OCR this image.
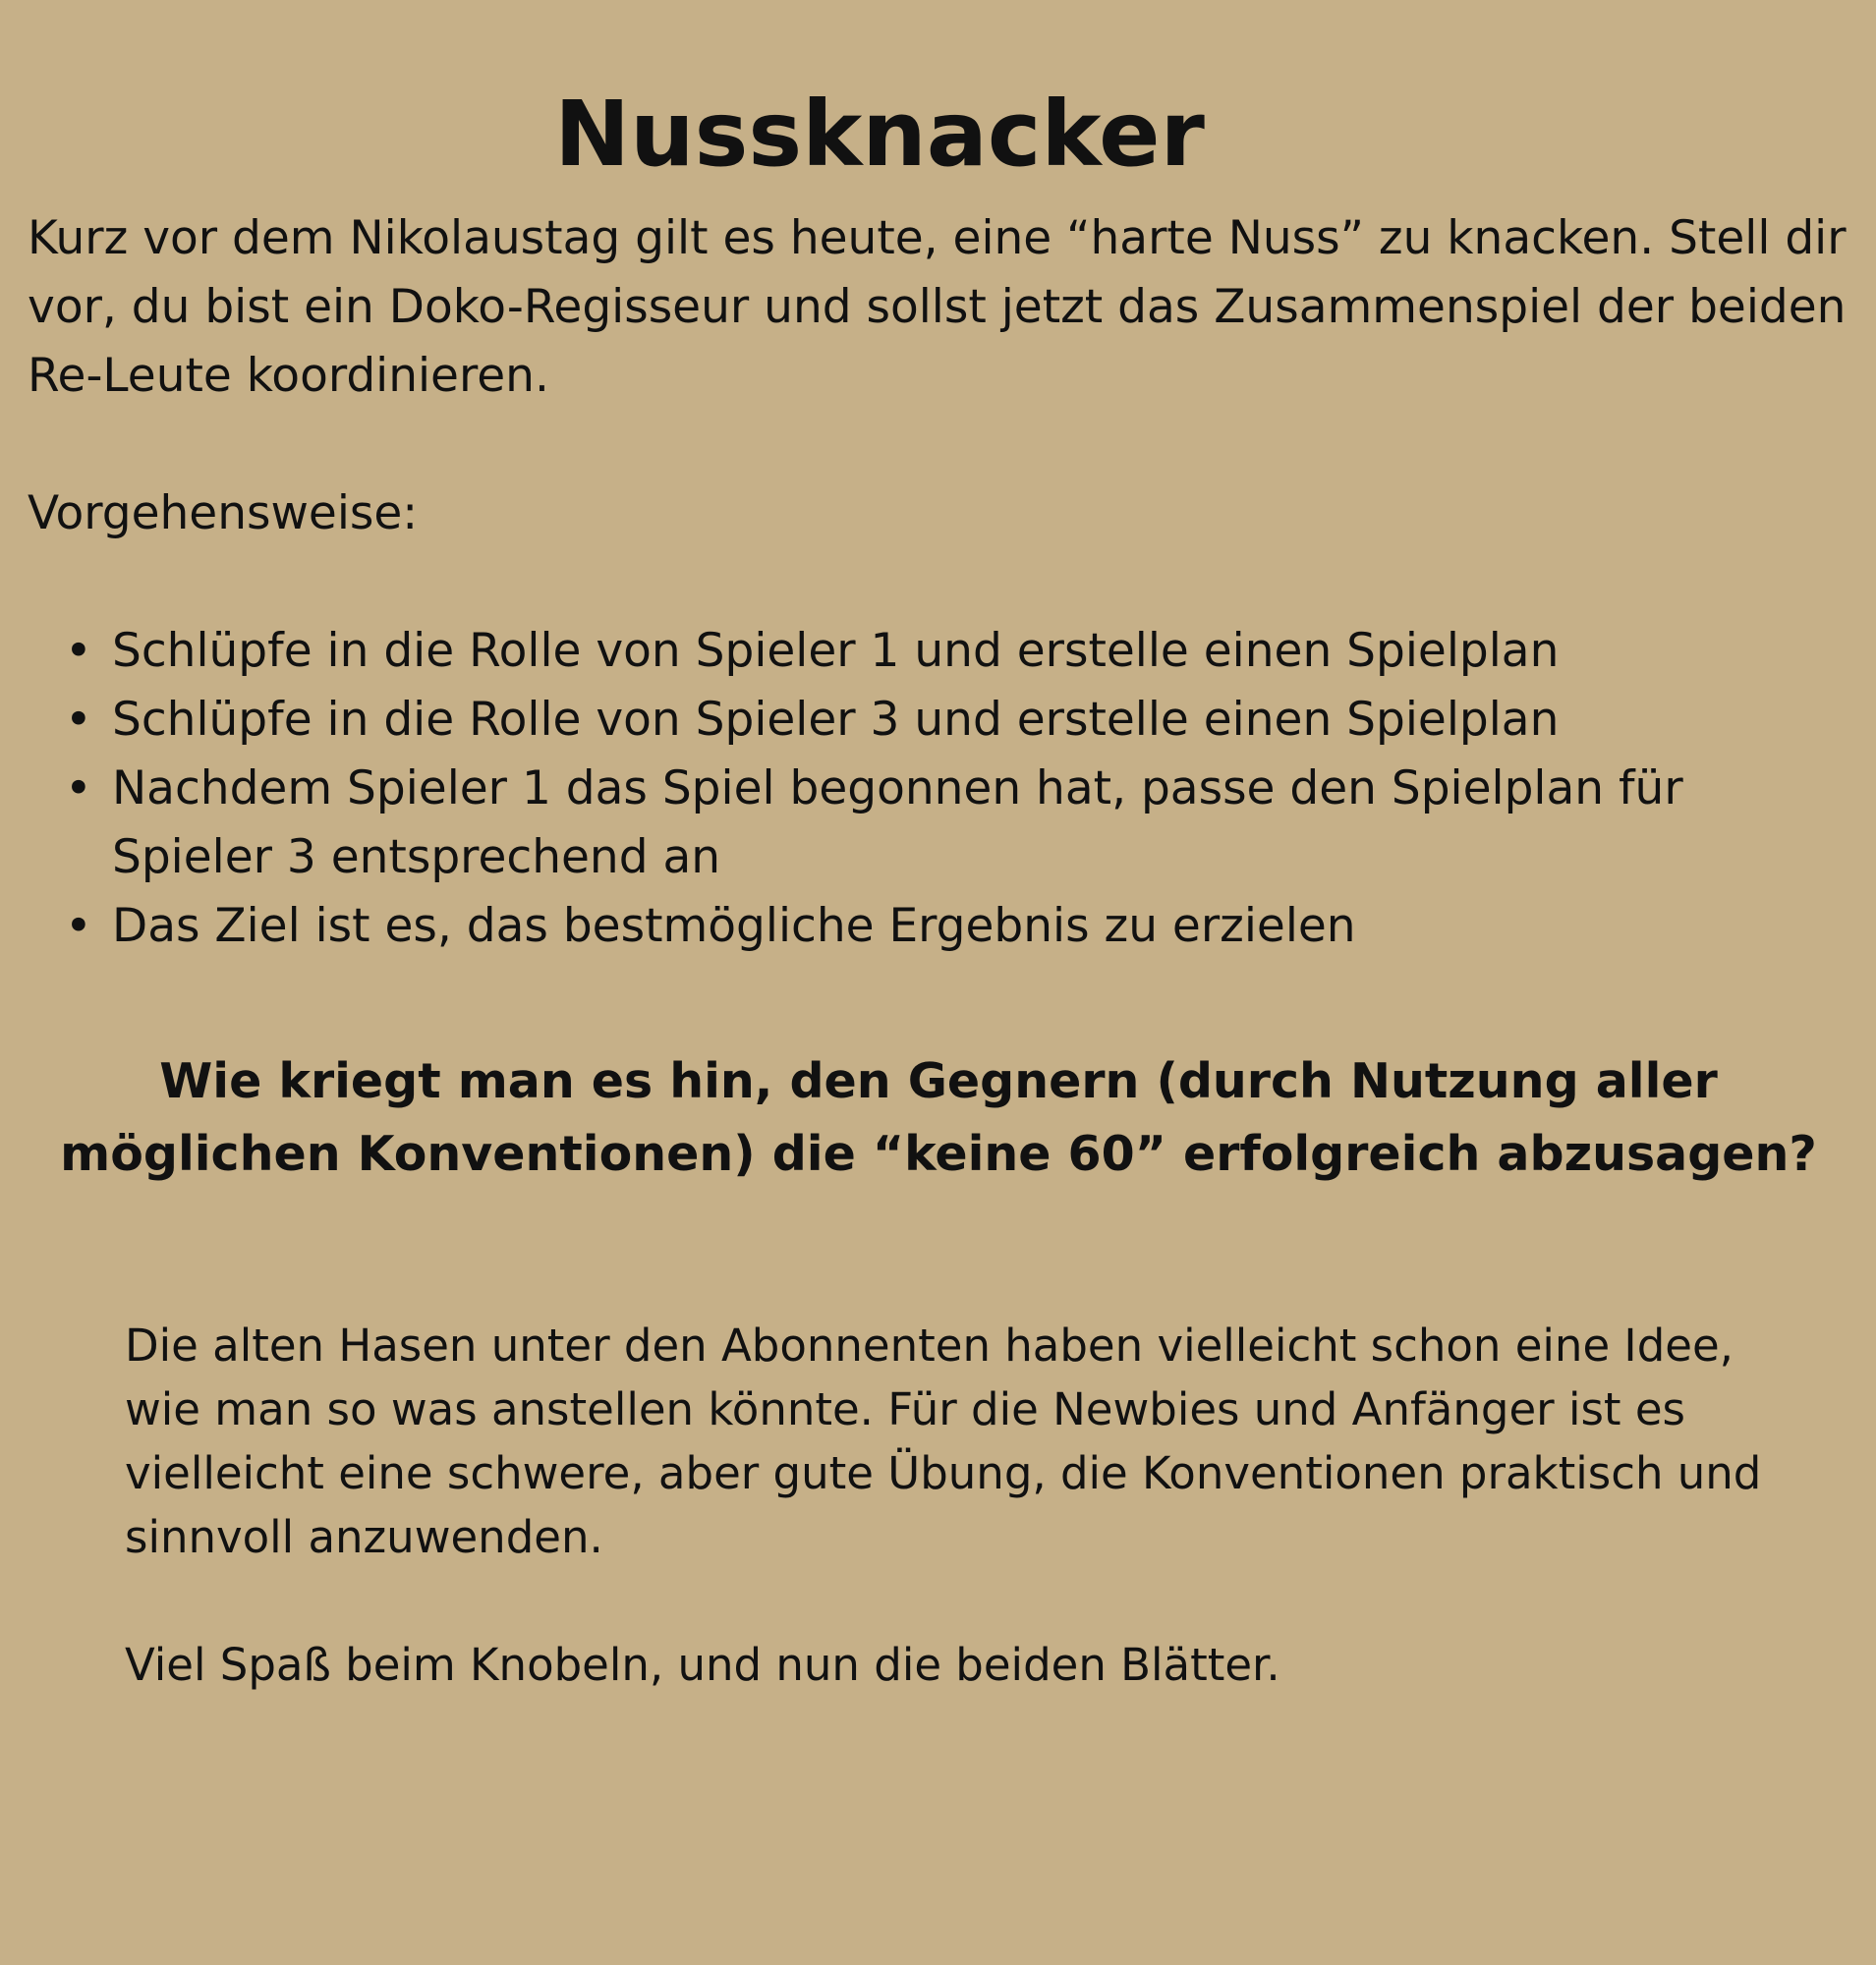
Nussknacker

Kurz vor dem Nikolaustag gilt es heute, eine “harte Nuss” zu knacken. Stell dir vor, du bist ein Doko-Regisseur und sollst jetzt das Zusammenspiel der beiden Re-Leute koordinieren.

Vorgehensweise:

• Schlüpfe in die Rolle von Spieler 1 und erstelle einen Spielplan
• Schlüpfe in die Rolle von Spieler 3 und erstelle einen Spielplan
• Nachdem Spieler 1 das Spiel begonnen hat, passe den Spielplan für Spieler 3 entsprechend an
• Das Ziel ist es, das bestmögliche Ergebnis zu erzielen

Wie kriegt man es hin, den Gegnern (durch Nutzung aller möglichen Konventionen) die “keine 60” erfolgreich abzusagen?

Die alten Hasen unter den Abonnenten haben vielleicht schon eine Idee, wie man so was anstellen könnte. Für die Newbies und Anfänger ist es vielleicht eine schwere, aber gute Übung, die Konventionen praktisch und sinnvoll anzuwenden.

Viel Spaß beim Knobeln, und nun die beiden Blätter.
